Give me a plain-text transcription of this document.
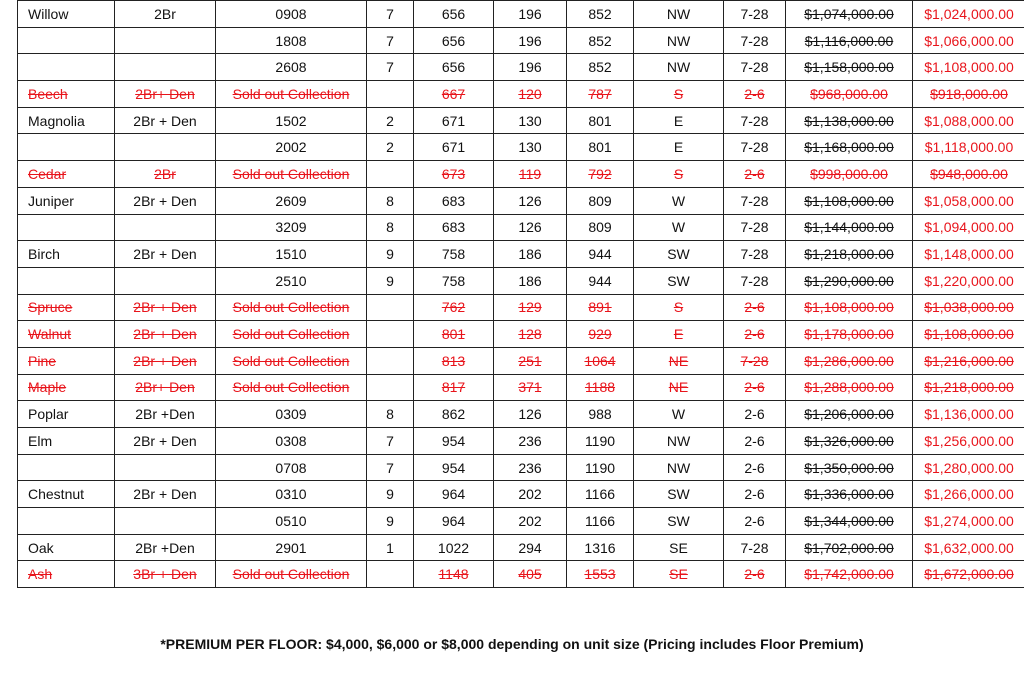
Willow	2Br	0908	7	656	196	852	NW	7-28	$1,074,000.00	$1,024,000.00
		1808	7	656	196	852	NW	7-28	$1,116,000.00	$1,066,000.00
		2608	7	656	196	852	NW	7-28	$1,158,000.00	$1,108,000.00
Beech	2Br+ Den	Sold out Collection		667	120	787	S	2-6	$968,000.00	$918,000.00
Magnolia	2Br + Den	1502	2	671	130	801	E	7-28	$1,138,000.00	$1,088,000.00
		2002	2	671	130	801	E	7-28	$1,168,000.00	$1,118,000.00
Cedar	2Br	Sold out Collection		673	119	792	S	2-6	$998,000.00	$948,000.00
Juniper	2Br + Den	2609	8	683	126	809	W	7-28	$1,108,000.00	$1,058,000.00
		3209	8	683	126	809	W	7-28	$1,144,000.00	$1,094,000.00
Birch	2Br + Den	1510	9	758	186	944	SW	7-28	$1,218,000.00	$1,148,000.00
		2510	9	758	186	944	SW	7-28	$1,290,000.00	$1,220,000.00
Spruce	2Br + Den	Sold out Collection		762	129	891	S	2-6	$1,108,000.00	$1,038,000.00
Walnut	2Br + Den	Sold out Collection		801	128	929	E	2-6	$1,178,000.00	$1,108,000.00
Pine	2Br + Den	Sold out Collection		813	251	1064	NE	7-28	$1,286,000.00	$1,216,000.00
Maple	2Br+ Den	Sold out Collection		817	371	1188	NE	2-6	$1,288,000.00	$1,218,000.00
Poplar	2Br +Den	0309	8	862	126	988	W	2-6	$1,206,000.00	$1,136,000.00
Elm	2Br + Den	0308	7	954	236	1190	NW	2-6	$1,326,000.00	$1,256,000.00
		0708	7	954	236	1190	NW	2-6	$1,350,000.00	$1,280,000.00
Chestnut	2Br + Den	0310	9	964	202	1166	SW	2-6	$1,336,000.00	$1,266,000.00
		0510	9	964	202	1166	SW	2-6	$1,344,000.00	$1,274,000.00
Oak	2Br +Den	2901	1	1022	294	1316	SE	7-28	$1,702,000.00	$1,632,000.00
Ash	3Br + Den	Sold out Collection		1148	405	1553	SE	2-6	$1,742,000.00	$1,672,000.00
*PREMIUM PER FLOOR: $4,000, $6,000 or $8,000 depending on unit size (Pricing includes Floor Premium)
